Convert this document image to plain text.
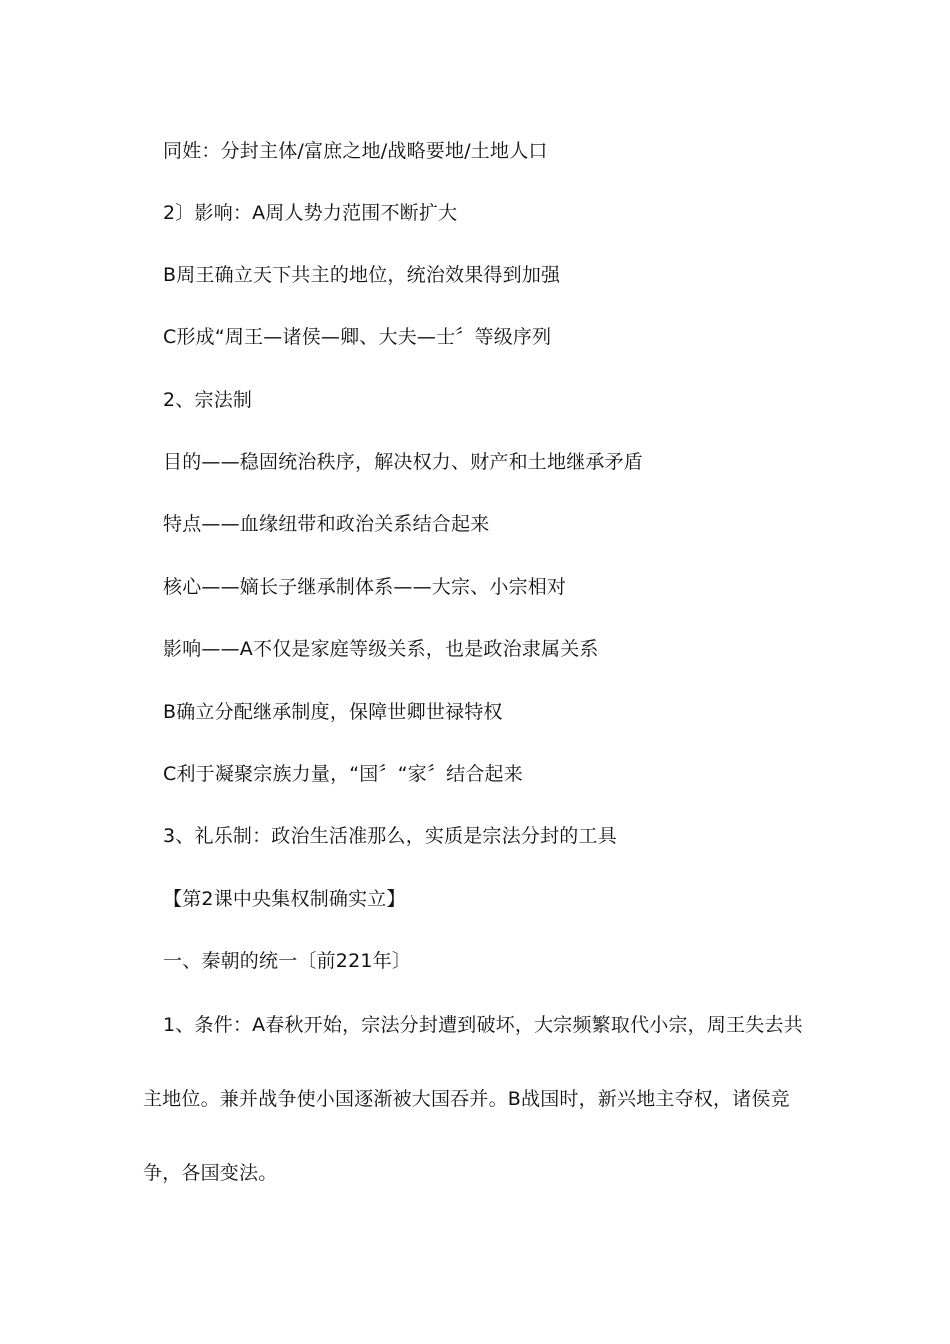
同姓：分封主体/富庶之地/战略要地/土地人口
2〕影响：A周人势力范围不断扩大
B周王确立天下共主的地位，统治效果得到加强
C形成“周王—诸侯—卿、大夫—士〞等级序列
2、宗法制
目的——稳固统治秩序，解决权力、财产和土地继承矛盾
特点——血缘纽带和政治关系结合起来
核心——嫡长子继承制体系——大宗、小宗相对
影响——A不仅是家庭等级关系，也是政治隶属关系
B确立分配继承制度，保障世卿世禄特权
C利于凝聚宗族力量，“国〞“家〞结合起来
3、礼乐制：政治生活准那么，实质是宗法分封的工具
【第2课中央集权制确实立】
一、秦朝的统一〔前221年〕
1、条件：A春秋开始，宗法分封遭到破坏，大宗频繁取代小宗，周王失去共主地位。兼并战争使小国逐渐被大国吞并。B战国时，新兴地主夺权，诸侯竞争，各国变法。
